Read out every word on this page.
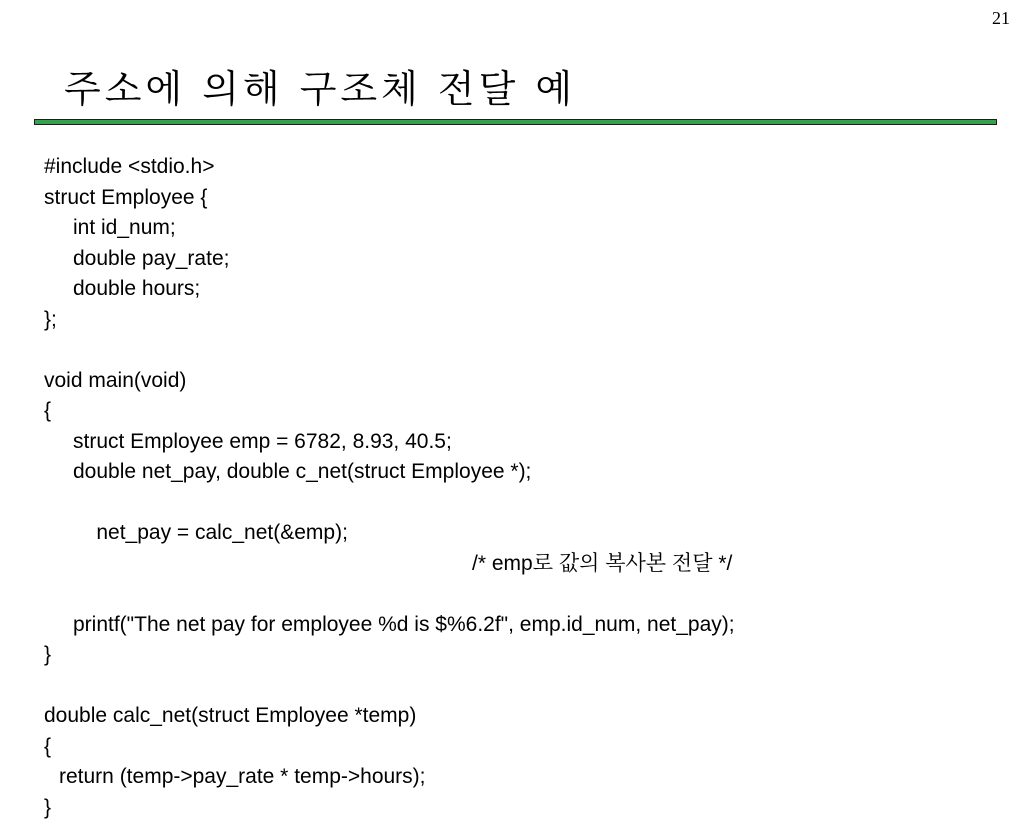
21
주소에 의해 구조체 전달 예
#include <stdio.h>
struct Employee {
int id_num;
double pay_rate;
double hours;
};
void main(void)
{
struct Employee emp = 6782, 8.93, 40.5;
double net_pay, double c_net(struct Employee *);

net_pay = calc_net(&emp);

/* emp로 값의 복사본 전달 */

printf("The net pay for employee %d is $%6.2f", emp.id_num, net_pay);
}
double calc_net(struct Employee *temp)
{
return (temp->pay_rate * temp->hours);
}
